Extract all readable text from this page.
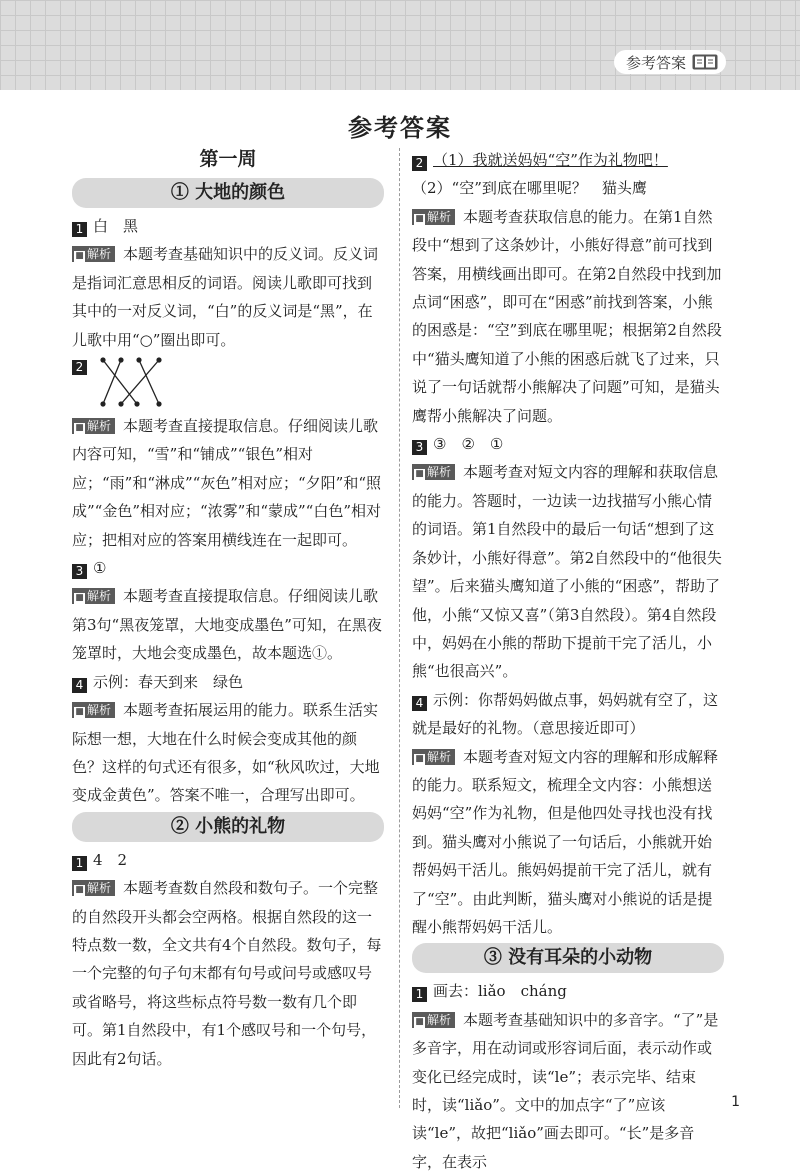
参考答案
参考答案
第一周
① 大地的颜色

1 白　黑

■ 解析 本题考查基础知识中的反义词。反义词是指词汇意思相反的词语。阅读儿歌即可找到其中的一对反义词，“白”的反义词是“黑”，在儿歌中用“○”圈出即可。

2

■ 解析 本题考查直接提取信息。仔细阅读儿歌内容可知，“雪”和“铺成”“银色”相对应；“雨”和“淋成”“灰色”相对应；“夕阳”和“照成”“金色”相对应；“浓雾”和“蒙成”“白色”相对应；把相对应的答案用横线连在一起即可。

3 ①

■ 解析 本题考查直接提取信息。仔细阅读儿歌第3句“黑夜笼罩，大地变成墨色”可知，在黑夜笼罩时，大地会变成墨色，故本题选①。

4 示例：春天到来　绿色

■ 解析 本题考查拓展运用的能力。联系生活实际想一想，大地在什么时候会变成其他的颜色？这样的句式还有很多，如“秋风吹过，大地变成金黄色”。答案不唯一，合理写出即可。

② 小熊的礼物

1 4　2

■ 解析 本题考查数自然段和数句子。一个完整的自然段开头都会空两格。根据自然段的这一特点数一数，全文共有4个自然段。数句子，每一个完整的句子句末都有句号或问号或感叹号或省略号，将这些标点符号数一数有几个即可。第1自然段中，有1个感叹号和一个句号，因此有2句话。

2 （1）我就送妈妈“空”作为礼物吧！

（2）“空”到底在哪里呢？　猫头鹰

■ 解析 本题考查获取信息的能力。在第1自然段中“想到了这条妙计，小熊好得意”前可找到答案，用横线画出即可。在第2自然段中找到加点词“困惑”，即可在“困惑”前找到答案，小熊的困惑是：“空”到底在哪里呢；根据第2自然段中“猫头鹰知道了小熊的困惑后就飞了过来，只说了一句话就帮小熊解决了问题”可知，是猫头鹰帮小熊解决了问题。

3 ③　②　①

■ 解析 本题考查对短文内容的理解和获取信息的能力。答题时，一边读一边找描写小熊心情的词语。第1自然段中的最后一句话“想到了这条妙计，小熊好得意”。第2自然段中的“他很失望”。后来猫头鹰知道了小熊的“困惑”，帮助了他，小熊“又惊又喜”（第3自然段）。第4自然段中，妈妈在小熊的帮助下提前干完了活儿，小熊“也很高兴”。

4 示例：你帮妈妈做点事，妈妈就有空了，这就是最好的礼物。（意思接近即可）

■ 解析 本题考查对短文内容的理解和形成解释的能力。联系短文，梳理全文内容：小熊想送妈妈“空”作为礼物，但是他四处寻找也没有找到。猫头鹰对小熊说了一句话后，小熊就开始帮妈妈干活儿。熊妈妈提前干完了活儿，就有了“空”。由此判断，猫头鹰对小熊说的话是提醒小熊帮妈妈干活儿。

③ 没有耳朵的小动物

1 画去：liǎo　cháng

■ 解析 本题考查基础知识中的多音字。“了”是多音字，用在动词或形容词后面，表示动作或变化已经完成时，读“le”；表示完毕、结束时，读“liǎo”。文中的加点字“了”应该读“le”，故把“liǎo”画去即可。“长”是多音字，在表示

1
